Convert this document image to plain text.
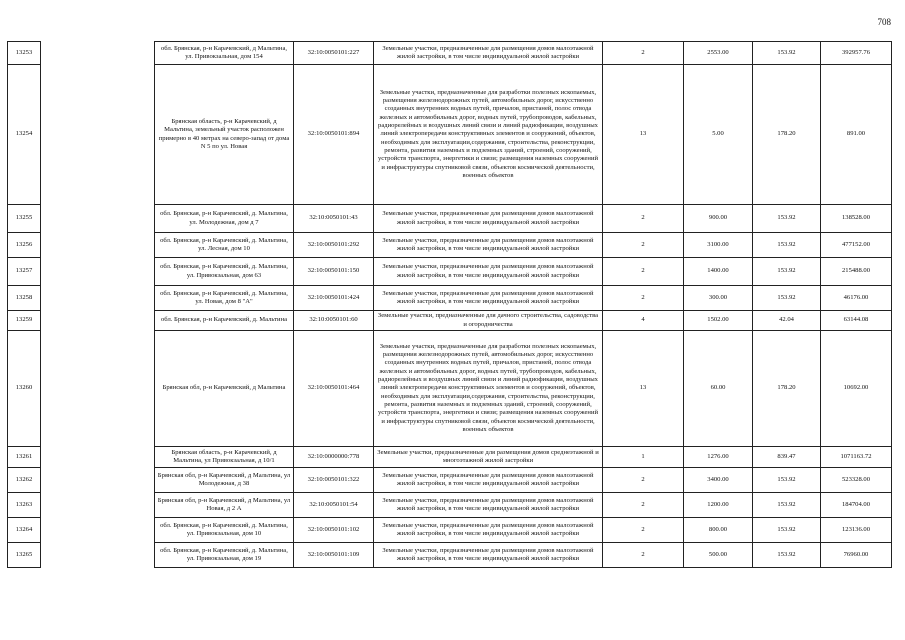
708
13253		обл. Брянская, р-н Карачевский, д Мальтина, ул. Привокзальная, дом 154	32:10:0050101:227	Земельные участки, предназначенные для размещения домов малоэтажной жилой застройки, в том числе индивидуальной жилой застройки	2	2553.00	153.92	392957.76
13254		Брянская область, р-н Карачевский, д Мальтина, земельный участок расположен примерно в 40 метрах на северо-запад от дома N 5 по ул. Новая	32:10:0050101:894	Земельные участки, предназначенные для разработки полезных ископаемых, размещения железнодорожных путей, автомобильных дорог, искусственно созданных внутренних водных путей, причалов, пристаней, полос отвода железных и автомобильных дорог, водных путей, трубопроводов, кабельных, радиорелейных и воздушных линий связи и линий радиофикации, воздушных линий электропередачи конструктивных элементов и сооружений, объектов, необходимых для эксплуатации,содержания, строительства, реконструкции, ремонта, развития наземных и подземных зданий, строений, сооружений, устройств транспорта, энергетики и связи; размещения наземных сооружений и инфраструктуры спутниковой связи, объектов космической деятельности, военных объектов	13	5.00	178.20	891.00
13255		обл. Брянская, р-н Карачевский, д. Мальтина, ул. Молодежная, дом д 7	32:10:0050101:43	Земельные участки, предназначенные для размещения домов малоэтажной жилой застройки, в том числе индивидуальной жилой застройки	2	900.00	153.92	138528.00
13256		обл. Брянская, р-н Карачевский, д. Мальтина, ул. Лесная, дом 10	32:10:0050101:292	Земельные участки, предназначенные для размещения домов малоэтажной жилой застройки, в том числе индивидуальной жилой застройки	2	3100.00	153.92	477152.00
13257		обл. Брянская, р-н Карачевский, д. Мальтина, ул. Привокзальная, дом 63	32:10:0050101:150	Земельные участки, предназначенные для размещения домов малоэтажной жилой застройки, в том числе индивидуальной жилой застройки	2	1400.00	153.92	215488.00
13258		обл. Брянская, р-н Карачевский, д. Мальтина, ул. Новая, дом 8 "А"	32:10:0050101:424	Земельные участки, предназначенные для размещения домов малоэтажной жилой застройки, в том числе индивидуальной жилой застройки	2	300.00	153.92	46176.00
13259		обл. Брянская, р-н Карачевский, д. Мальтина	32:10:0050101:60	Земельные участки, предназначенные для дачного строительства, садоводства и огородничества	4	1502.00	42.04	63144.08
13260		Брянская обл, р-н Карачевский, д Мальтина	32:10:0050101:464	Земельные участки, предназначенные для разработки полезных ископаемых, размещения железнодорожных путей, автомобильных дорог, искусственно созданных внутренних водных путей, причалов, пристаней, полос отвода железных и автомобильных дорог, водных путей, трубопроводов, кабельных, радиорелейных и воздушных линий связи и линий радиофикации, воздушных линий электропередачи конструктивных элементов и сооружений, объектов, необходимых для эксплуатации,содержания, строительства, реконструкции, ремонта, развития наземных и подземных зданий, строений, сооружений, устройств транспорта, энергетики и связи; размещения наземных сооружений и инфраструктуры спутниковой связи, объектов космической деятельности, военных объектов	13	60.00	178.20	10692.00
13261		Брянская область, р-н Карачевский, д Мальтина, ул Привокзальная, д 10/1	32:10:0000000:778	Земельные участки, предназначенные для размещения домов среднеэтажной и многоэтажной жилой застройки	1	1276.00	839.47	1071163.72
13262		Брянская обл, р-н Карачевский, д Мальтина, ул Молодежная, д 38	32:10:0050101:322	Земельные участки, предназначенные для размещения домов малоэтажной жилой застройки, в том числе индивидуальной жилой застройки	2	3400.00	153.92	523328.00
13263		Брянская обл, р-н Карачевский, д Мальтина, ул Новая, д 2 А	32:10:0050101:54	Земельные участки, предназначенные для размещения домов малоэтажной жилой застройки, в том числе индивидуальной жилой застройки	2	1200.00	153.92	184704.00
13264		обл. Брянская, р-н Карачевский, д. Мальтина, ул. Привокзальная, дом 10	32:10:0050101:102	Земельные участки, предназначенные для размещения домов малоэтажной жилой застройки, в том числе индивидуальной жилой застройки	2	800.00	153.92	123136.00
13265		обл. Брянская, р-н Карачевский, д. Мальтина, ул. Привокзальная, дом 19	32:10:0050101:109	Земельные участки, предназначенные для размещения домов малоэтажной жилой застройки, в том числе индивидуальной жилой застройки	2	500.00	153.92	76960.00
